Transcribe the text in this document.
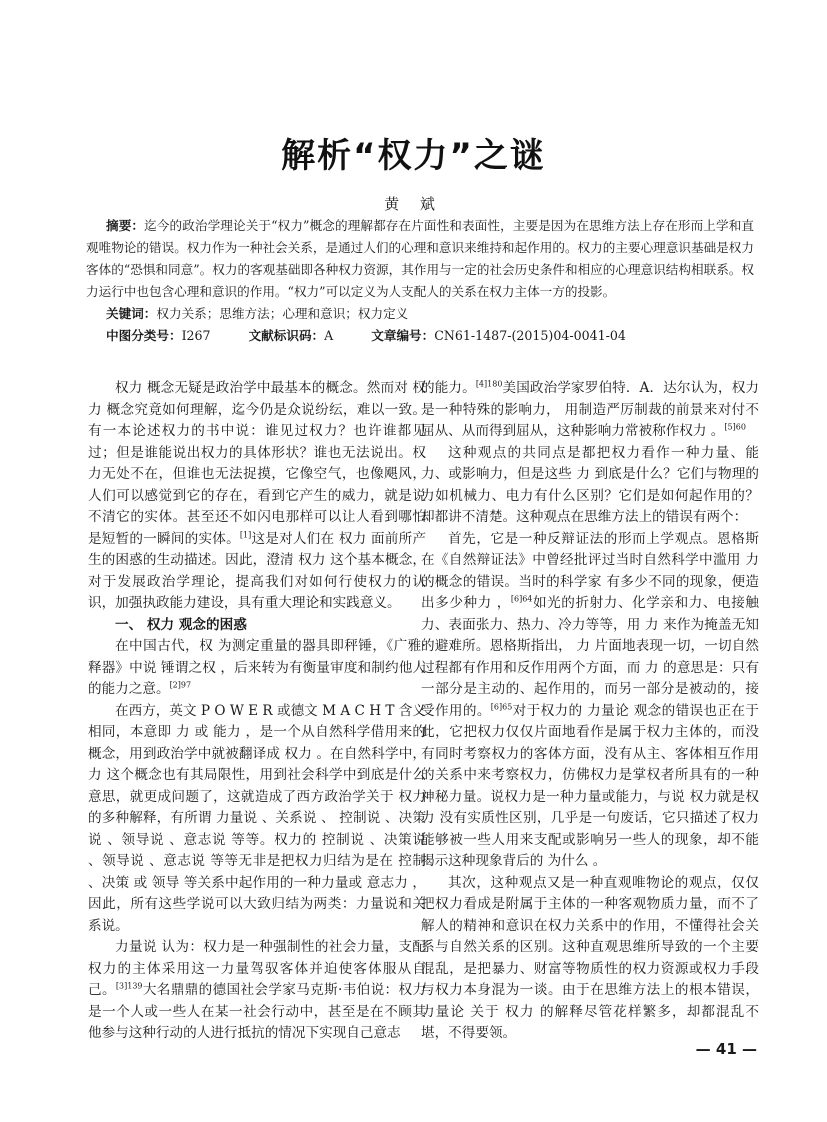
解析“权力”之谜
黄 斌

摘要：迄今的政治学理论关于“权力”概念的理解都存在片面性和表面性，主要是因为在思维方法上存在形而上学和直观唯物论的错误。权力作为一种社会关系，是通过人们的心理和意识来维持和起作用的。权力的主要心理意识基础是权力客体的“恐惧和同意”。权力的客观基础即各种权力资源，其作用与一定的社会历史条件和相应的心理意识结构相联系。权力运行中也包含心理和意识的作用。“权力”可以定义为人支配人的关系在权力主体一方的投影。

关键词：权力关系；思维方法；心理和意识；权力定义

中图分类号：I267	文献标识码：A	文章编号：CN61-1487-(2015)04-0041-04

权力 概念无疑是政治学中最基本的概念。然而对 权力 概念究竟如何理解，迄今仍是众说纷纭，难以一致。有一本论述权力的书中说：谁见过权力？也许谁都见过；但是谁能说出权力的具体形状？谁也无法说出。权力无处不在，但谁也无法捉摸，它像空气，也像飓风，人们可以感觉到它的存在，看到它产生的威力，就是说不清它的实体。甚至还不如闪电那样可以让人看到哪怕是短暂的一瞬间的实体。[1]这是对人们在 权力 面前所产生的困惑的生动描述。因此，澄清 权力 这个基本概念，对于发展政治学理论，提高我们对如何行使权力的认识，加强执政能力建设，具有重大理论和实践意义。

一、 权力 观念的困惑

在中国古代，权 为测定重量的器具即秤锤，《广雅·释器》中说 锤谓之权 ，后来转为有衡量审度和制约他人的能力之意。$^{[2]97}$

在西方，英文 P O W E R 或德文 M A C H T 含义相同，本意即 力 或 能力 ，是一个从自然科学借用来的概念，用到政治学中就被翻译成 权力 。在自然科学中， 力 这个概念也有其局限性，用到社会科学中到底是什么意思，就更成问题了，这就造成了西方政治学关于 权力 的多种解释，有所谓 力量说 、关系说 、 控制说 、决策说 、领导说 、意志说 等等。权力的 控制说 、决策说 、领导说 、意志说 等等无非是把权力归结为是在 控制 、决策 或 领导 等关系中起作用的一种力量或 意志力 ，因此，所有这些学说可以大致归结为两类：力量说和关系说。

力量说 认为：权力是一种强制性的社会力量，支配权力的主体采用这一力量驾驭客体并迫使客体服从自己。$^{[3]139}$大名鼎鼎的德国社会学家马克斯·韦伯说：权力是一个人或一些人在某一社会行动中，甚至是在不顾其他参与这种行动的人进行抵抗的情况下实现自己意志

的能力。$^{[4]180}$美国政治学家罗伯特．A．达尔认为，权力是一种特殊的影响力， 用制造严厉制裁的前景来对付不屈从、从而得到屈从，这种影响力常被称作权力 。$^{[5]60}$

这种观点的共同点是都把权力看作一种力量、能力、或影响力，但是这些 力 到底是什么？它们与物理的力如机械力、电力有什么区别？它们是如何起作用的？却都讲不清楚。这种观点在思维方法上的错误有两个：

首先，它是一种反辩证法的形而上学观点。恩格斯在《自然辩证法》中曾经批评过当时自然科学中滥用 力 的概念的错误。当时的科学家 有多少不同的现象，便造出多少种力 ，$^{[6]64}$如光的折射力、化学亲和力、电接触力、表面张力、热力、冷力等等，用 力 来作为掩盖无知的避难所。恩格斯指出， 力 片面地表现一切，一切自然过程都有作用和反作用两个方面，而 力 的意思是：只有一部分是主动的、起作用的，而另一部分是被动的，接受作用的。$^{[6]65}$对于权力的 力量论 观念的错误也正在于此，它把权力仅仅片面地看作是属于权力主体的，而没有同时考察权力的客体方面，没有从主、客体相互作用的关系中来考察权力，仿佛权力是掌权者所具有的一种神秘力量。说权力是一种力量或能力，与说 权力就是权力 没有实质性区别，几乎是一句废话，它只描述了权力能够被一些人用来支配或影响另一些人的现象，却不能揭示这种现象背后的 为什么 。

其次，这种观点又是一种直观唯物论的观点，仅仅把权力看成是附属于主体的一种客观物质力量，而不了解人的精神和意识在权力关系中的作用，不懂得社会关系与自然关系的区别。这种直观思维所导致的一个主要混乱，是把暴力、财富等物质性的权力资源或权力手段与权力本身混为一谈。由于在思维方法上的根本错误， 力量论 关于 权力 的解释尽管花样繁多，却都混乱不堪，不得要领。

— 41 —
